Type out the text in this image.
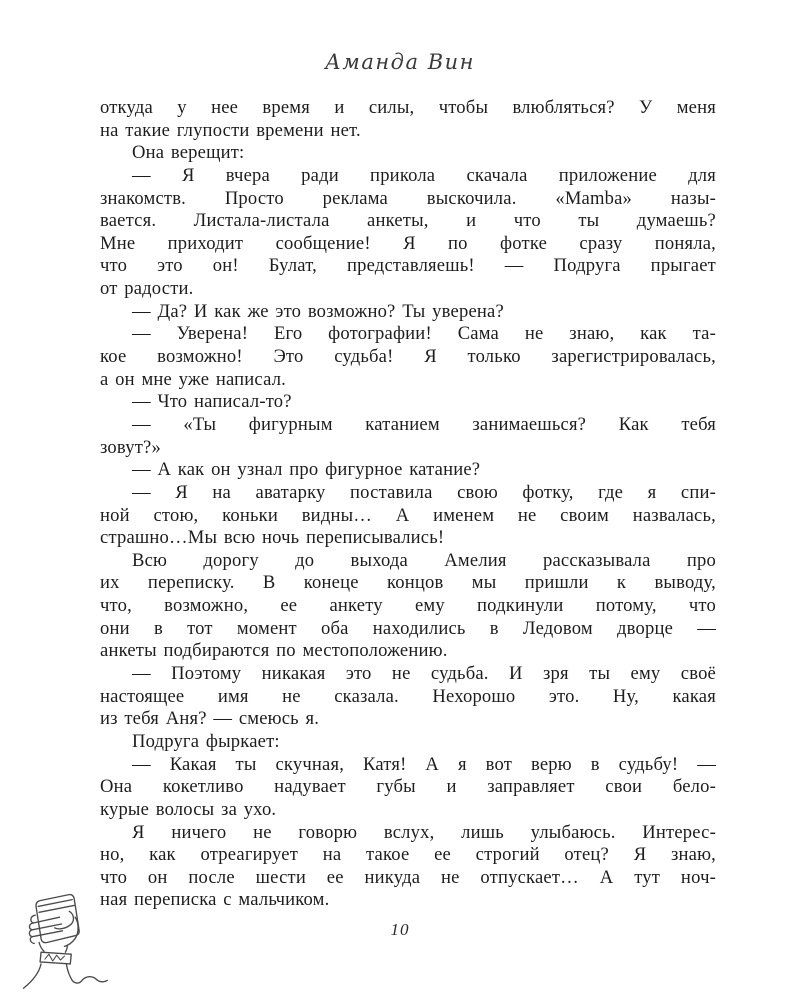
Аманда Вин
откуда у нее время и силы, чтобы влюбляться? У меня
на такие глупости времени нет.
Она верещит:
— Я вчера ради прикола скачала приложение для
знакомств. Просто реклама выскочила. «Mamba» назы-
вается. Листала-листала анкеты, и что ты думаешь?
Мне приходит сообщение! Я по фотке сразу поняла,
что это он! Булат, представляешь! — Подруга прыгает
от радости.
— Да? И как же это возможно? Ты уверена?
— Уверена! Его фотографии! Сама не знаю, как та-
кое возможно! Это судьба! Я только зарегистрировалась,
а он мне уже написал.
— Что написал-то?
— «Ты фигурным катанием занимаешься? Как тебя
зовут?»
— А как он узнал про фигурное катание?
— Я на аватарку поставила свою фотку, где я спи-
ной стою, коньки видны… А именем не своим назвалась,
страшно…Мы всю ночь переписывались!
Всю дорогу до выхода Амелия рассказывала про
их переписку. В конеце концов мы пришли к выводу,
что, возможно, ее анкету ему подкинули потому, что
они в тот момент оба находились в Ледовом дворце —
анкеты подбираются по местоположению.
— Поэтому никакая это не судьба. И зря ты ему своё
настоящее имя не сказала. Нехорошо это. Ну, какая
из тебя Аня? — смеюсь я.
Подруга фыркает:
— Какая ты скучная, Катя! А я вот верю в судьбу! —
Она кокетливо надувает губы и заправляет свои бело-
курые волосы за ухо.
Я ничего не говорю вслух, лишь улыбаюсь. Интерес-
но, как отреагирует на такое ее строгий отец? Я знаю,
что он после шести ее никуда не отпускает… А тут ноч-
ная переписка с мальчиком.
10
